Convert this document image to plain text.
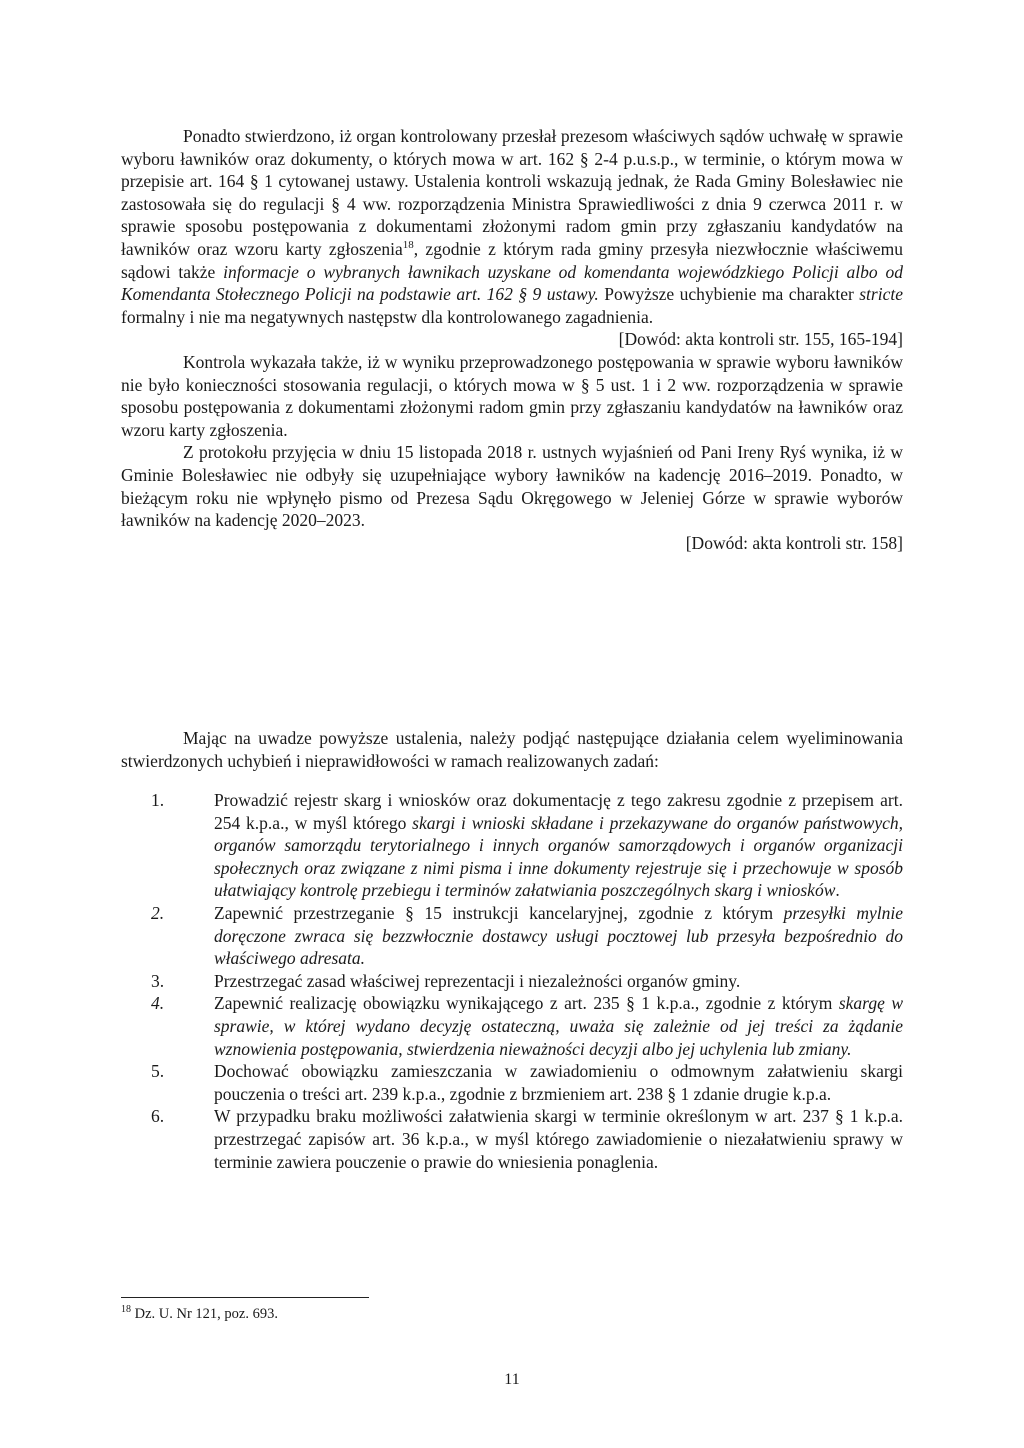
Ponadto stwierdzono, iż organ kontrolowany przesłał prezesom właściwych sądów uchwałę w sprawie wyboru ławników oraz dokumenty, o których mowa w art. 162 § 2-4 p.u.s.p., w terminie, o którym mowa w przepisie art. 164 § 1 cytowanej ustawy. Ustalenia kontroli wskazują jednak, że Rada Gminy Bolesławiec nie zastosowała się do regulacji § 4 ww. rozporządzenia Ministra Sprawiedliwości z dnia 9 czerwca 2011 r. w sprawie sposobu postępowania z dokumentami złożonymi radom gmin przy zgłaszaniu kandydatów na ławników oraz wzoru karty zgłoszenia$^{18}$, zgodnie z którym rada gminy przesyła niezwłocznie właściwemu sądowi także informacje o wybranych ławnikach uzyskane od komendanta wojewódzkiego Policji albo od Komendanta Stołecznego Policji na podstawie art. 162 § 9 ustawy. Powyższe uchybienie ma charakter stricte formalny i nie ma negatywnych następstw dla kontrolowanego zagadnienia.

[Dowód: akta kontroli str. 155, 165-194]

Kontrola wykazała także, iż w wyniku przeprowadzonego postępowania w sprawie wyboru ławników nie było konieczności stosowania regulacji, o których mowa w § 5 ust. 1 i 2 ww. rozporządzenia w sprawie sposobu postępowania z dokumentami złożonymi radom gmin przy zgłaszaniu kandydatów na ławników oraz wzoru karty zgłoszenia.

Z protokołu przyjęcia w dniu 15 listopada 2018 r. ustnych wyjaśnień od Pani Ireny Ryś wynika, iż w Gminie Bolesławiec nie odbyły się uzupełniające wybory ławników na kadencję 2016–2019. Ponadto, w bieżącym roku nie wpłynęło pismo od Prezesa Sądu Okręgowego w Jeleniej Górze w sprawie wyborów ławników na kadencję 2020–2023.

[Dowód: akta kontroli str. 158]

Mając na uwadze powyższe ustalenia, należy podjąć następujące działania celem wyeliminowania stwierdzonych uchybień i nieprawidłowości w ramach realizowanych zadań:

1.	Prowadzić rejestr skarg i wniosków oraz dokumentację z tego zakresu zgodnie z przepisem art. 254 k.p.a., w myśl którego skargi i wnioski składane i przekazywane do organów państwowych, organów samorządu terytorialnego i innych organów samorządowych i organów organizacji społecznych oraz związane z nimi pisma i inne dokumenty rejestruje się i przechowuje w sposób ułatwiający kontrolę przebiegu i terminów załatwiania poszczególnych skarg i wniosków.
2.	Zapewnić przestrzeganie § 15 instrukcji kancelaryjnej, zgodnie z którym przesyłki mylnie doręczone zwraca się bezzwłocznie dostawcy usługi pocztowej lub przesyła bezpośrednio do właściwego adresata.
3.	Przestrzegać zasad właściwej reprezentacji i niezależności organów gminy.
4.	Zapewnić realizację obowiązku wynikającego z art. 235 § 1 k.p.a., zgodnie z którym skargę w sprawie, w której wydano decyzję ostateczną, uważa się zależnie od jej treści za żądanie wznowienia postępowania, stwierdzenia nieważności decyzji albo jej uchylenia lub zmiany.
5.	Dochować obowiązku zamieszczania w zawiadomieniu o odmownym załatwieniu skargi pouczenia o treści art. 239 k.p.a., zgodnie z brzmieniem art. 238 § 1 zdanie drugie k.p.a.
6.	W przypadku braku możliwości załatwienia skargi w terminie określonym w art. 237 § 1 k.p.a. przestrzegać zapisów art. 36 k.p.a., w myśl którego zawiadomienie o niezałatwieniu sprawy w terminie zawiera pouczenie o prawie do wniesienia ponaglenia.
$^{18}$ Dz. U. Nr 121, poz. 693.
11
